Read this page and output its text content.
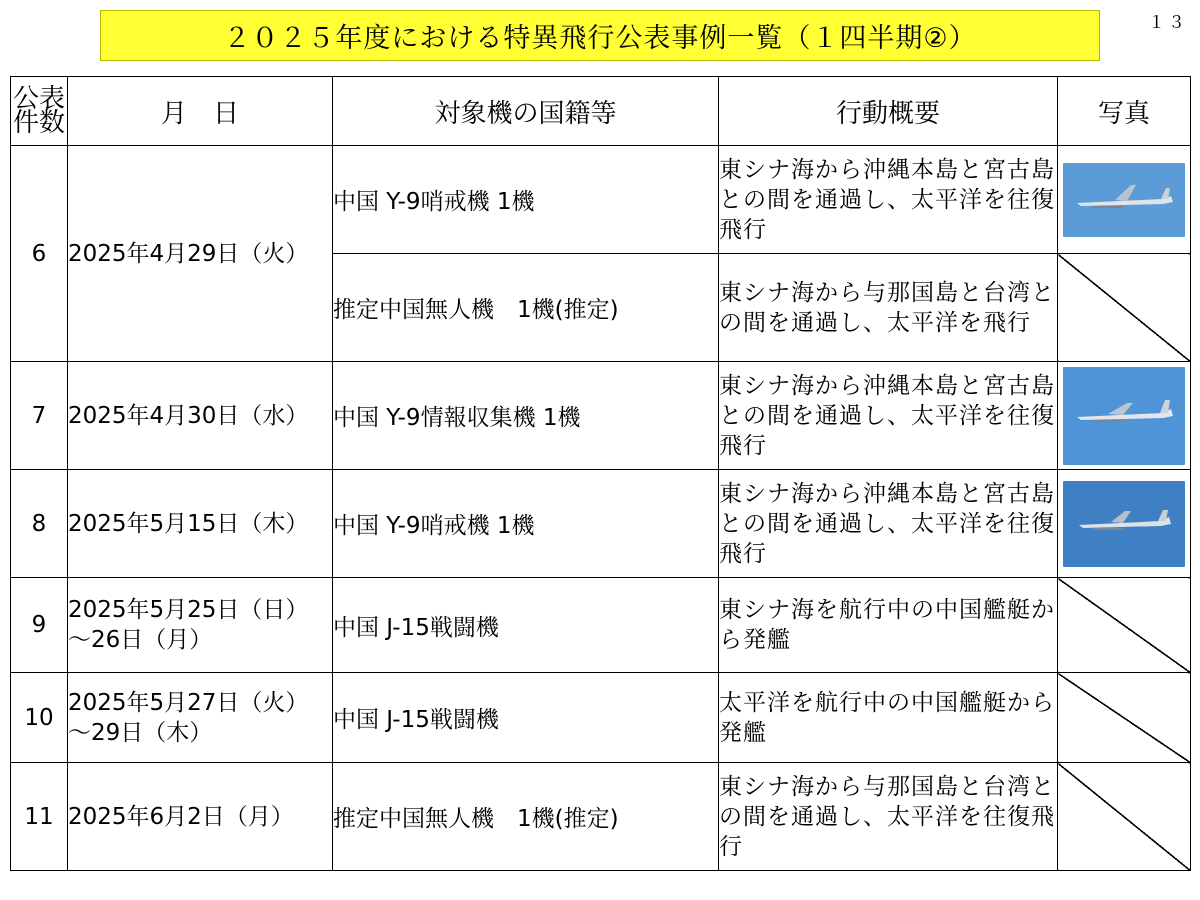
２０２５年度における特異飛行公表事例一覧（１四半期②）	１３
公表
件数	月　日	対象機の国籍等	行動概要	写真
6	2025年4月29日（火）	中国 Y-9哨戒機 1機	東シナ海から沖縄本島と宮古島との間を通過し、太平洋を往復飛行	

		推定中国無人機　1機(推定)	東シナ海から与那国島と台湾との間を通過し、太平洋を飛行	
7	2025年4月30日（水）	中国 Y-9情報収集機 1機	東シナ海から沖縄本島と宮古島との間を通過し、太平洋を往復飛行	

8	2025年5月15日（木）	中国 Y-9哨戒機 1機	東シナ海から沖縄本島と宮古島との間を通過し、太平洋を往復飛行	

9	2025年5月25日（日）
～26日（月）	中国 J-15戦闘機	東シナ海を航行中の中国艦艇から発艦	
10	2025年5月27日（火）
～29日（木）	中国 J-15戦闘機	太平洋を航行中の中国艦艇から発艦	
11	2025年6月2日（月）	推定中国無人機　1機(推定)	東シナ海から与那国島と台湾との間を通過し、太平洋を往復飛行	
